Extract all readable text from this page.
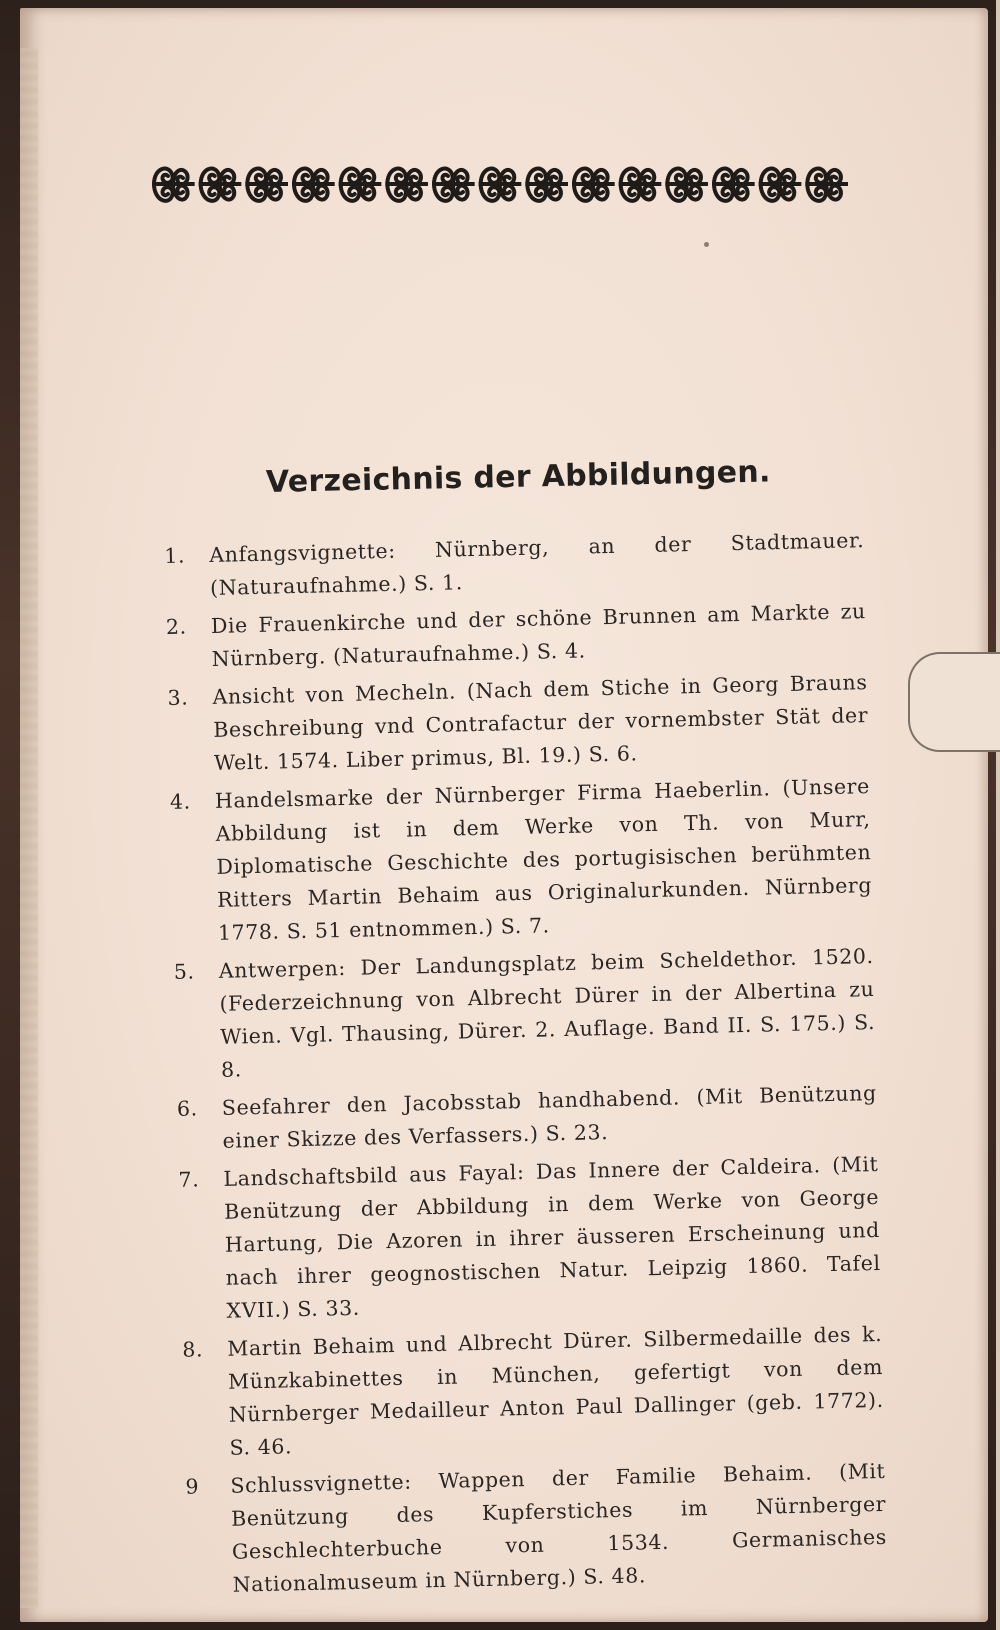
Verzeichnis der Abbildungen.
1.	Anfangsvignette: Nürnberg, an der Stadtmauer. (Naturaufnahme.) S. 1.
2.	Die Frauenkirche und der schöne Brunnen am Markte zu Nürnberg. (Naturaufnahme.) S. 4.
3.	Ansicht von Mecheln. (Nach dem Stiche in Georg Brauns Beschreibung vnd Contrafactur der vornembster Stät der Welt. 1574. Liber primus, Bl. 19.) S. 6.
4.	Handelsmarke der Nürnberger Firma Haeberlin. (Unsere Abbildung ist in dem Werke von Th. von Murr, Diplomatische Geschichte des portugisischen berühmten Ritters Martin Behaim aus Originalurkunden. Nürnberg 1778. S. 51 entnommen.) S. 7.
5.	Antwerpen: Der Landungsplatz beim Scheldethor. 1520. (Federzeichnung von Albrecht Dürer in der Albertina zu Wien. Vgl. Thausing, Dürer. 2. Auflage. Band II. S. 175.) S. 8.
6.	Seefahrer den Jacobsstab handhabend. (Mit Benützung einer Skizze des Verfassers.) S. 23.
7.	Landschaftsbild aus Fayal: Das Innere der Caldeira. (Mit Benützung der Abbildung in dem Werke von George Hartung, Die Azoren in ihrer äusseren Erscheinung und nach ihrer geognostischen Natur. Leipzig 1860. Tafel XVII.) S. 33.
8.	Martin Behaim und Albrecht Dürer. Silbermedaille des k. Münzkabinettes in München, gefertigt von dem Nürnberger Medailleur Anton Paul Dallinger (geb. 1772). S. 46.
9	Schlussvignette: Wappen der Familie Behaim. (Mit Benützung des Kupferstiches im Nürnberger Geschlechterbuche von 1534. Germanisches Nationalmuseum in Nürnberg.) S. 48.
